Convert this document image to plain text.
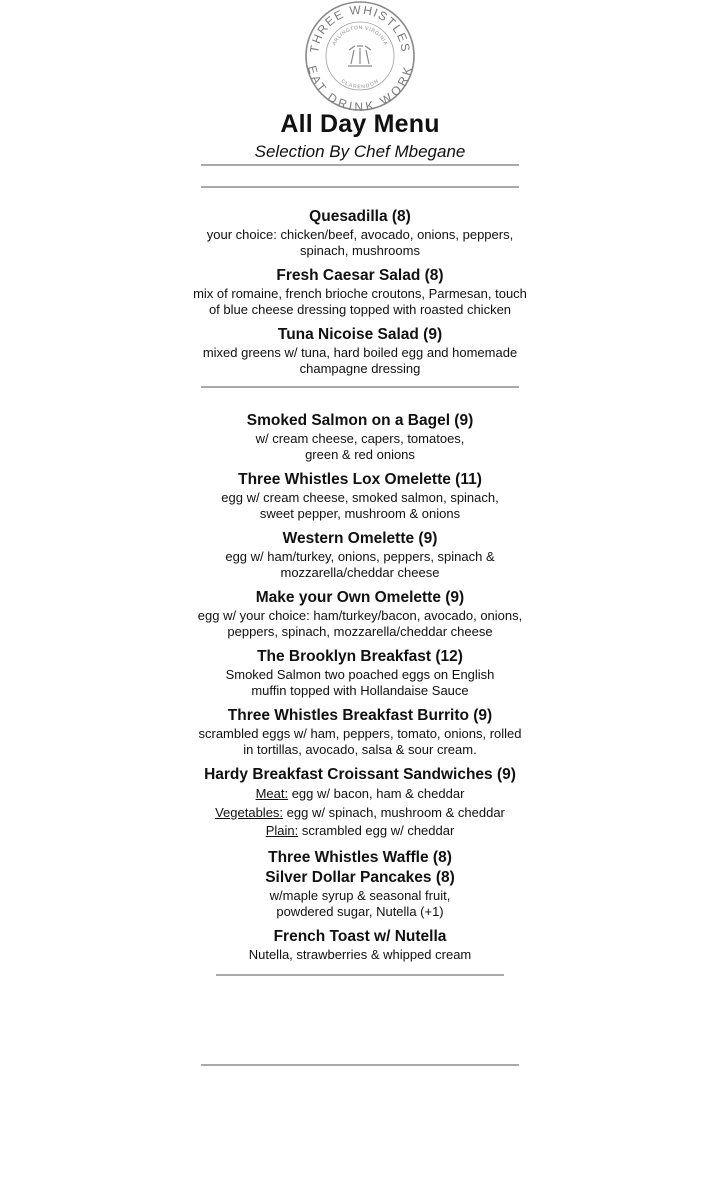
THREE WHISTLES
EAT DRINK WORK
ARLINGTON VIRGINIA
CLARENDON
All Day Menu
Selection By Chef Mbegane
Quesadilla (8)
your choice: chicken/beef, avocado, onions, peppers,
spinach, mushrooms
Fresh Caesar Salad (8)
mix of romaine, french brioche croutons, Parmesan, touch
of blue cheese dressing topped with roasted chicken
Tuna Nicoise Salad (9)
mixed greens w/ tuna, hard boiled egg and homemade
champagne dressing
Smoked Salmon on a Bagel (9)
w/ cream cheese, capers, tomatoes,
green & red onions
Three Whistles Lox Omelette (11)
egg w/ cream cheese, smoked salmon, spinach,
sweet pepper, mushroom & onions
Western Omelette (9)
egg w/ ham/turkey, onions, peppers, spinach &
mozzarella/cheddar cheese
Make your Own Omelette (9)
egg w/ your choice: ham/turkey/bacon, avocado, onions,
peppers, spinach, mozzarella/cheddar cheese
The Brooklyn Breakfast (12)
Smoked Salmon two poached eggs on English
muffin topped with Hollandaise Sauce
Three Whistles Breakfast Burrito (9)
scrambled eggs w/ ham, peppers, tomato, onions, rolled
in tortillas, avocado, salsa & sour cream.
Hardy Breakfast Croissant Sandwiches (9)
Meat: egg w/ bacon, ham & cheddar
Vegetables: egg w/ spinach, mushroom & cheddar
Plain: scrambled egg w/ cheddar
Three Whistles Waffle (8)
Silver Dollar Pancakes (8)
w/maple syrup & seasonal fruit,
powdered sugar, Nutella (+1)
French Toast w/ Nutella
Nutella, strawberries & whipped cream
